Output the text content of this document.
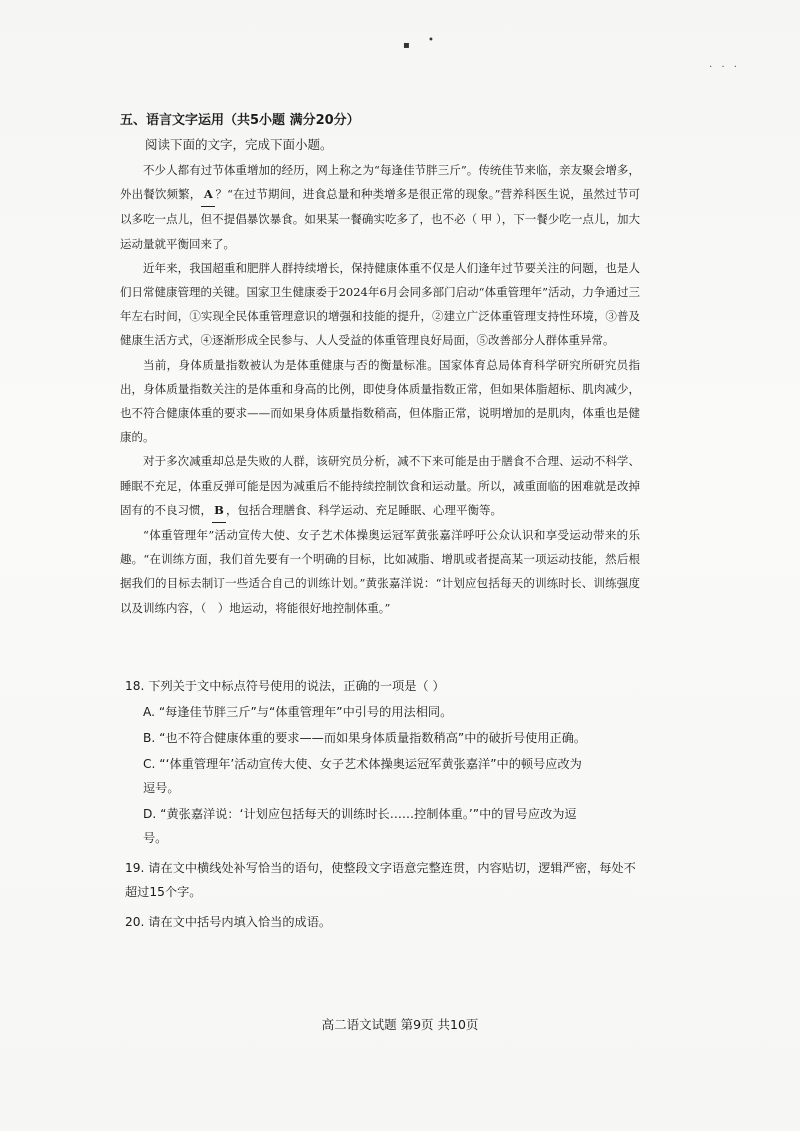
▪ •
· · ·

五、语言文字运用（共5小题 满分20分）

阅读下面的文字，完成下面小题。

不少人都有过节体重增加的经历，网上称之为“每逢佳节胖三斤”。传统佳节来临，亲友聚会增多，外出餐饮频繁， A ？“在过节期间，进食总量和种类增多是很正常的现象。”营养科医生说，虽然过节可以多吃一点儿，但不提倡暴饮暴食。如果某一餐确实吃多了，也不必（ 甲 ），下一餐少吃一点儿，加大运动量就平衡回来了。

近年来，我国超重和肥胖人群持续增长，保持健康体重不仅是人们逢年过节要关注的问题，也是人们日常健康管理的关键。国家卫生健康委于2024年6月会同多部门启动“体重管理年”活动，力争通过三年左右时间，①实现全民体重管理意识的增强和技能的提升，②建立广泛体重管理支持性环境，③普及健康生活方式，④逐渐形成全民参与、人人受益的体重管理良好局面，⑤改善部分人群体重异常。

当前，身体质量指数被认为是体重健康与否的衡量标准。国家体育总局体育科学研究所研究员指出，身体质量指数关注的是体重和身高的比例，即使身体质量指数正常，但如果体脂超标、肌肉减少，也不符合健康体重的要求——而如果身体质量指数稍高，但体脂正常，说明增加的是肌肉，体重也是健康的。

对于多次减重却总是失败的人群，该研究员分析，减不下来可能是由于膳食不合理、运动不科学、睡眠不充足，体重反弹可能是因为减重后不能持续控制饮食和运动量。所以，减重面临的困难就是改掉固有的不良习惯， B ，包括合理膳食、科学运动、充足睡眠、心理平衡等。

“体重管理年”活动宣传大使、女子艺术体操奥运冠军黄张嘉洋呼吁公众认识和享受运动带来的乐趣。“在训练方面，我们首先要有一个明确的目标，比如减脂、增肌或者提高某一项运动技能，然后根据我们的目标去制订一些适合自己的训练计划。”黄张嘉洋说：“计划应包括每天的训练时长、训练强度以及训练内容，（　）地运动，将能很好地控制体重。”

18. 下列关于文中标点符号使用的说法，正确的一项是（ ）

A. “每逢佳节胖三斤”与“体重管理年”中引号的用法相同。

B. “也不符合健康体重的要求——而如果身体质量指数稍高”中的破折号使用正确。

C. “‘体重管理年’活动宣传大使、女子艺术体操奥运冠军黄张嘉洋”中的顿号应改为
逗号。

D. “黄张嘉洋说：‘计划应包括每天的训练时长……控制体重。’”中的冒号应改为逗
号。

19. 请在文中横线处补写恰当的语句，使整段文字语意完整连贯，内容贴切，逻辑严密，每处不超过15个字。

20. 请在文中括号内填入恰当的成语。

高二语文试题 第9页 共10页
